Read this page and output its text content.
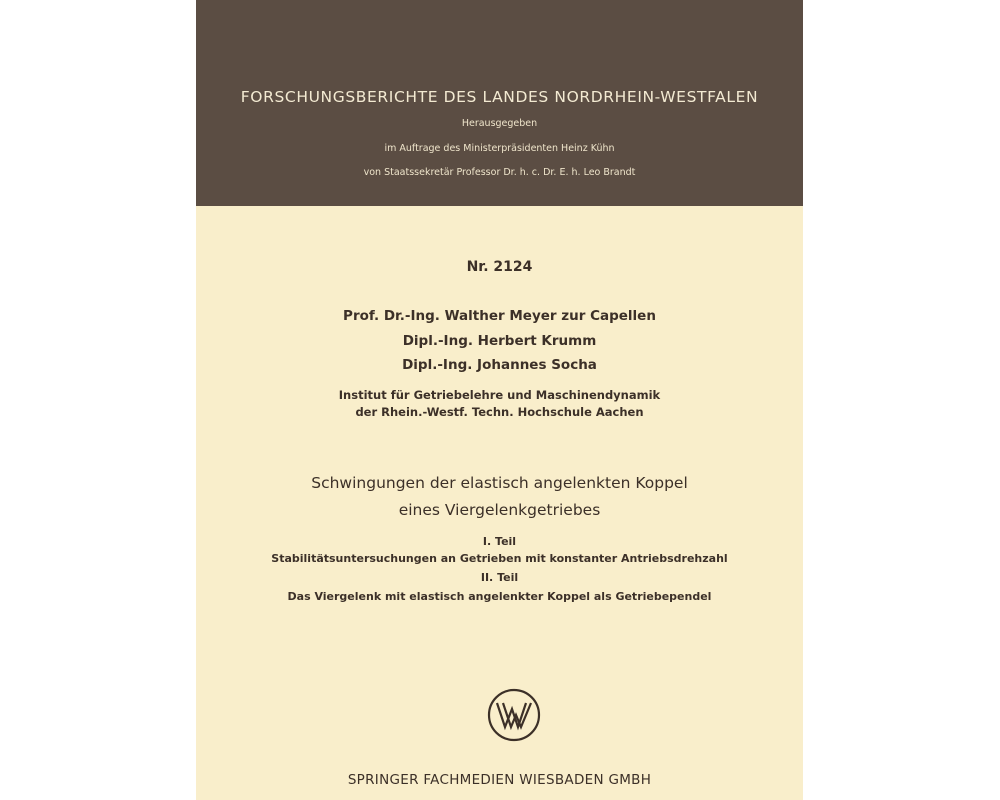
FORSCHUNGSBERICHTE DES LANDES NORDRHEIN-WESTFALEN
Herausgegeben
im Auftrage des Ministerpräsidenten Heinz Kühn
von Staatssekretär Professor Dr. h. c. Dr. E. h. Leo Brandt
Nr. 2124
Prof. Dr.-Ing. Walther Meyer zur Capellen
Dipl.-Ing. Herbert Krumm
Dipl.-Ing. Johannes Socha
Institut für Getriebelehre und Maschinendynamik
der Rhein.-Westf. Techn. Hochschule Aachen
Schwingungen der elastisch angelenkten Koppel
eines Viergelenkgetriebes
I. Teil
Stabilitätsuntersuchungen an Getrieben mit konstanter Antriebsdrehzahl
II. Teil
Das Viergelenk mit elastisch angelenkter Koppel als Getriebependel
SPRINGER FACHMEDIEN WIESBADEN GMBH
